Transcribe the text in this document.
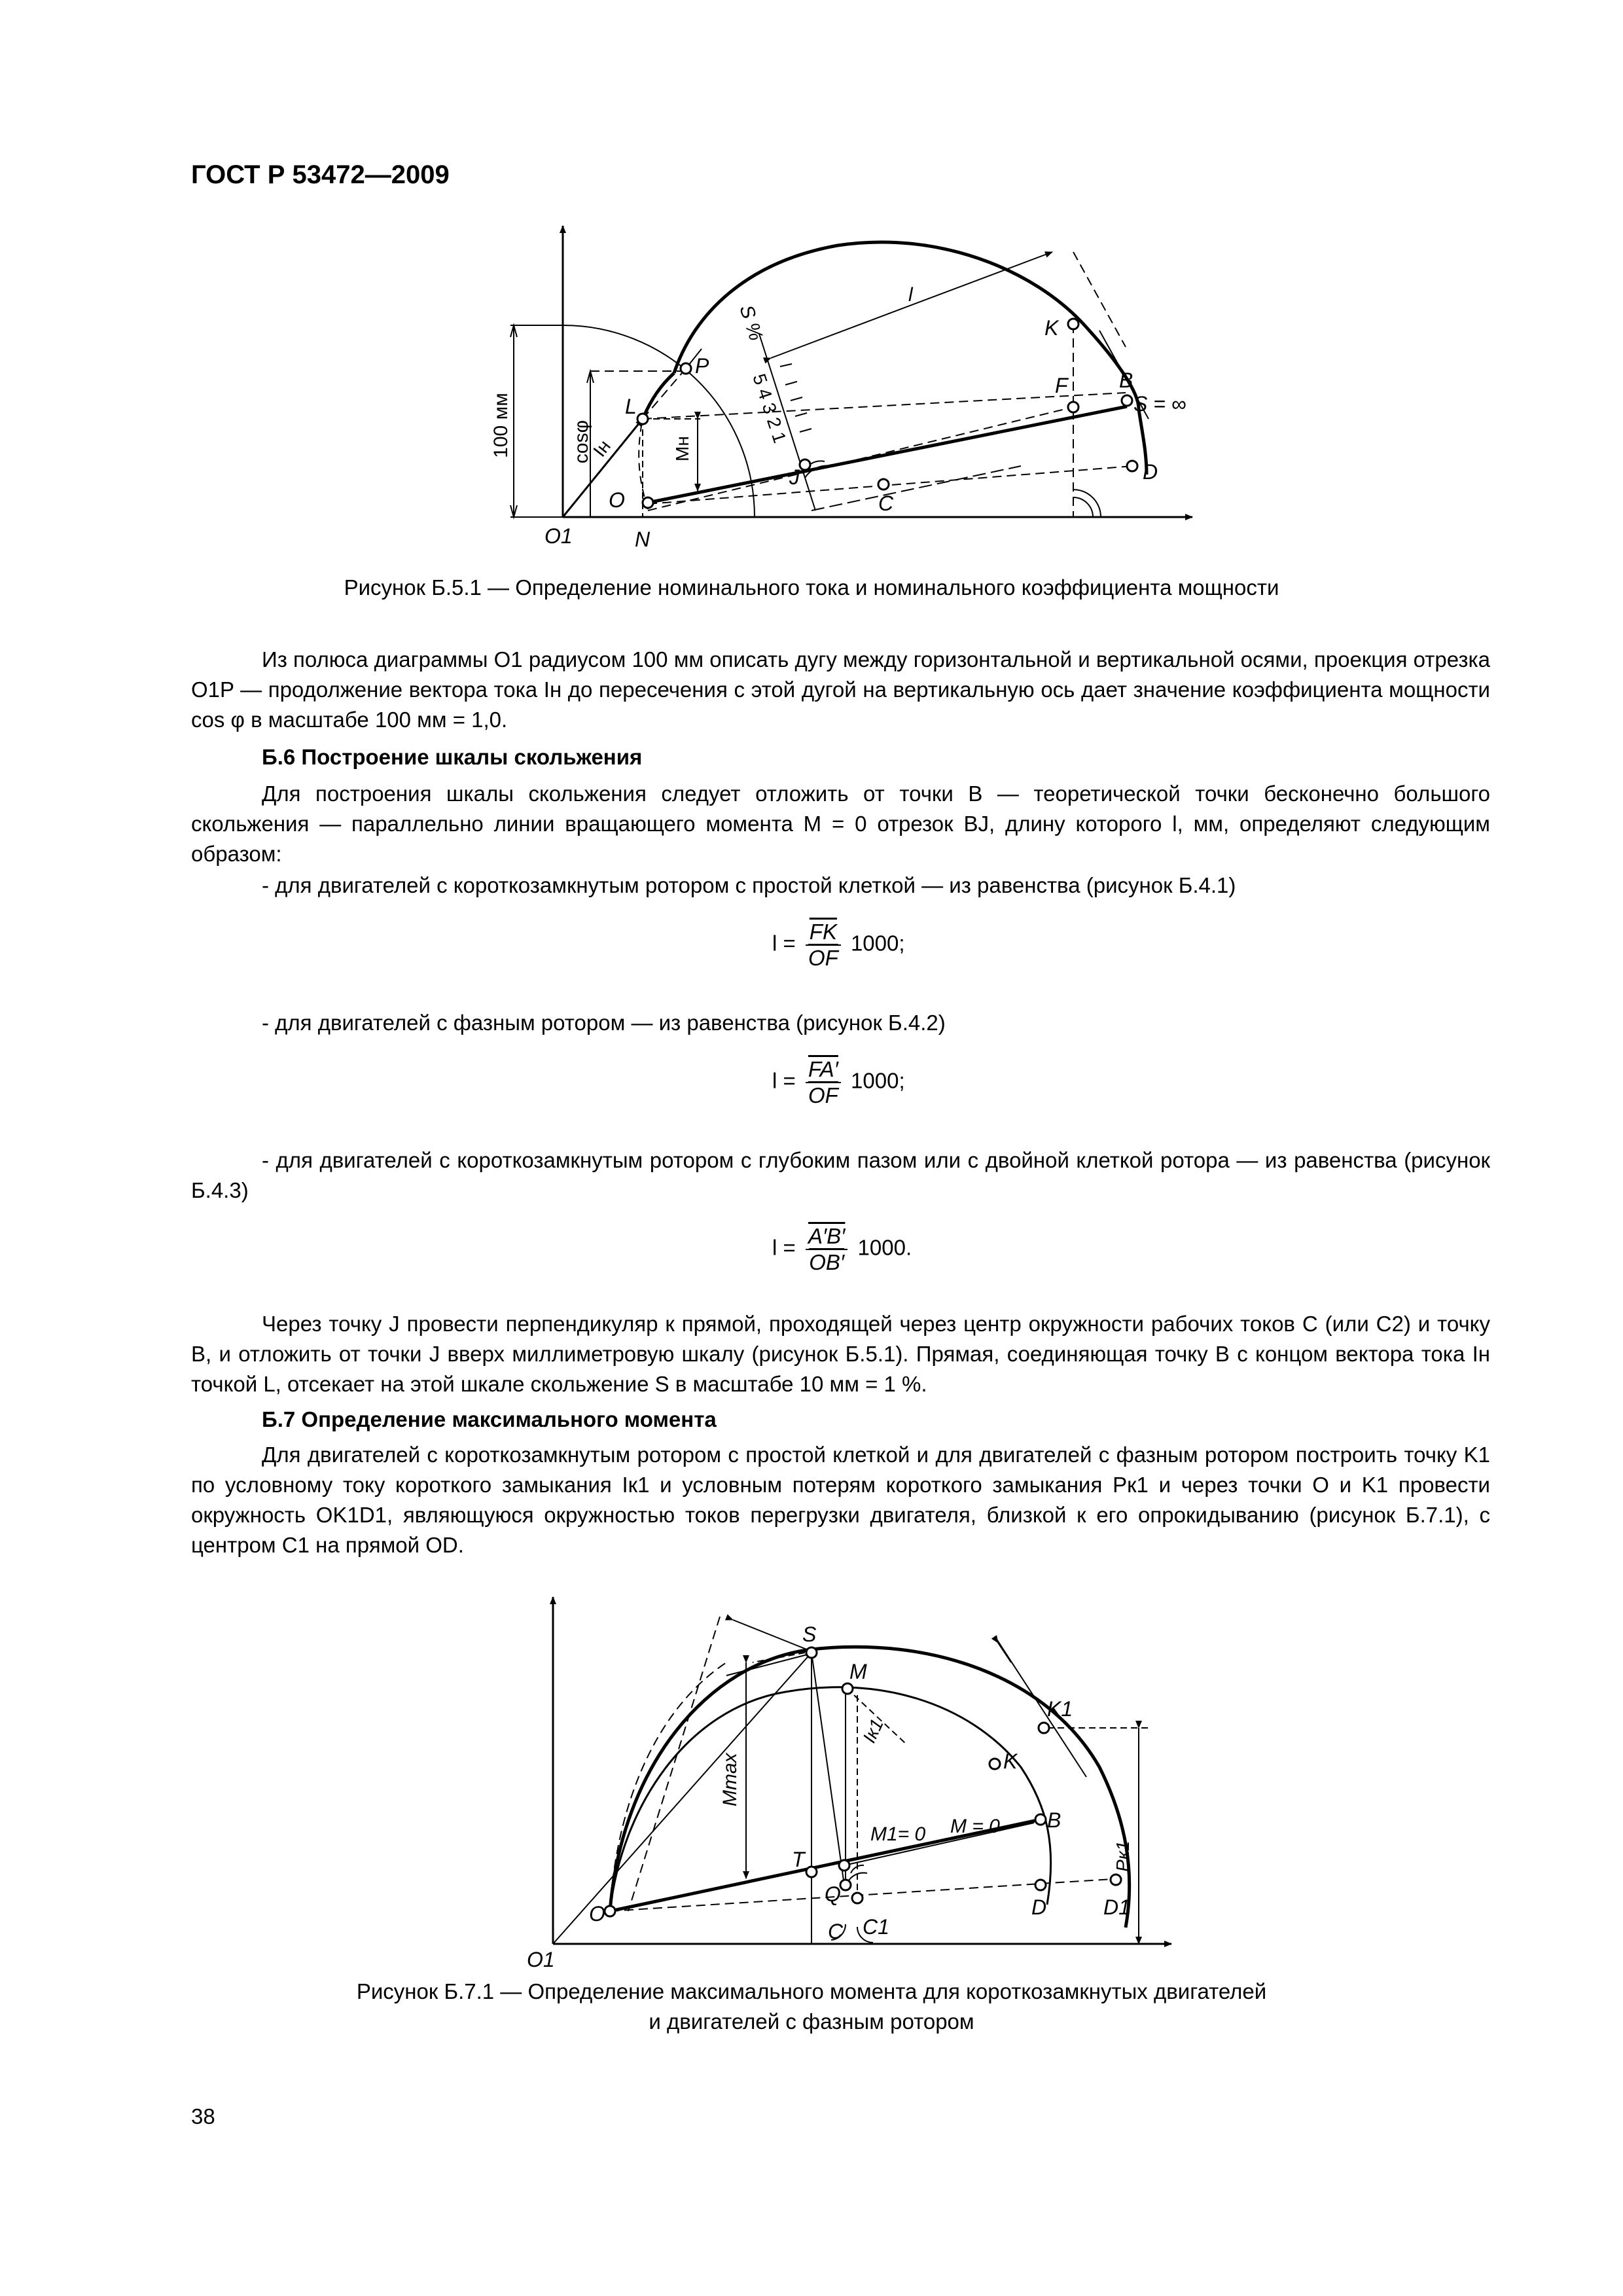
ГОСТ Р 53472—2009
100 мм	cosφ
Iн
l
S %
5 4 3 2 1
Мн
P
L
O
O1	N
J
C
K
F B
S = ∞
D
Рисунок Б.5.1 — Определение номинального тока и номинального коэффициента мощности
Из полюса диаграммы O1 радиусом 100 мм описать дугу между горизонтальной и вертикальной осями, проекция отрезка O1P — продолжение вектора тока Iн до пересечения с этой дугой на вертикальную ось дает значение коэффициента мощности cos φ в масштабе 100 мм = 1,0.
Б.6 Построение шкалы скольжения
Для построения шкалы скольжения следует отложить от точки B — теоретической точки бесконечно большого скольжения — параллельно линии вращающего момента M = 0 отрезок BJ, длину которого l, мм, определяют следующим образом:
- для двигателей с короткозамкнутым ротором с простой клеткой — из равенства (рисунок Б.4.1)
$l = \frac{\overline{FK}}{OF} 1000$;
- для двигателей с фазным ротором — из равенства (рисунок Б.4.2)
$l = \frac{FA'}{OF} 1000$;
- для двигателей с короткозамкнутым ротором с глубоким пазом или с двойной клеткой ротора — из равенства (рисунок Б.4.3)
$l = \frac{A'B'}{OB'} 1000$.
Через точку J провести перпендикуляр к прямой, проходящей через центр окружности рабочих токов C (или C2) и точку B, и отложить от точки J вверх миллиметровую шкалу (рисунок Б.5.1). Прямая, соединяющая точку B с концом вектора тока Iн точкой L, отсекает на этой шкале скольжение S в масштабе 10 мм = 1 %.
Б.7 Определение максимального момента
Для двигателей с короткозамкнутым ротором с простой клеткой и для двигателей с фазным ротором построить точку K1 по условному току короткого замыкания Iк1 и условным потерям короткого замыкания Pк1 и через точки O и K1 провести окружность OK1D1, являющуюся окружностью токов перегрузки двигателя, близкой к его опрокидыванию (рисунок Б.7.1), с центром C1 на прямой OD.
Mmax
Iк1
Pк1
S
M
K1
K
M1= 0 M = 0 B
T
Q
O
O1
C C1
D	D1
Рисунок Б.7.1 — Определение максимального момента для короткозамкнутых двигателей
и двигателей с фазным ротором
38
